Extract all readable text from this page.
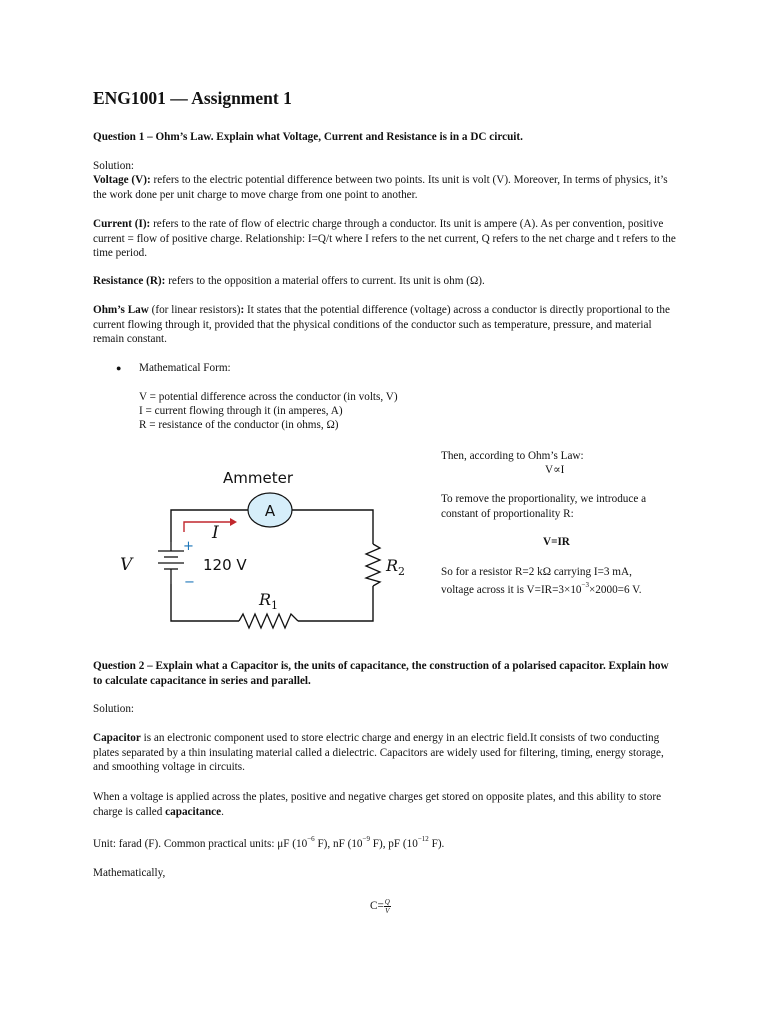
ENG1001 — Assignment 1

Question 1 – Ohm’s Law. Explain what Voltage, Current and Resistance is in a DC circuit.

Solution:

Voltage (V): refers to the electric potential difference between two points. Its unit is volt (V). Moreover, In terms of physics, it’s the work done per unit charge to move charge from one point to another.

Current (I): refers to the rate of flow of electric charge through a conductor. Its unit is ampere (A). As per convention, positive current = flow of positive charge. Relationship: I=Q/t where I refers to the net current, Q refers to the net charge and t refers to the time period.

Resistance (R): refers to the opposition a material offers to current. Its unit is ohm (Ω).

Ohm’s Law (for linear resistors): It states that the potential difference (voltage) across a conductor is directly proportional to the current flowing through it, provided that the physical conditions of the conductor such as temperature, pressure, and material remain constant.

● Mathematical Form:

V = potential difference across the conductor (in volts, V)

I = current flowing through it (in amperes, A)

R = resistance of the conductor (in ohms, Ω)

Then, according to Ohm’s Law:

V∝I

To remove the proportionality, we introduce a constant of proportionality R:

V=IR

So for a resistor R=2 kΩ carrying I=3 mA,

voltage across it is $V=IR=3\times 10^{-3}\times 2000=6$ V.

Ammeter
A
I
+
−
V	120 V	$R_2$
$R_1$

Question 2 – Explain what a Capacitor is, the units of capacitance, the construction of a polarised capacitor. Explain how to calculate capacitance in series and parallel.

Solution:

Capacitor is an electronic component used to store electric charge and energy in an electric field.It consists of two conducting plates separated by a thin insulating material called a dielectric. Capacitors are widely used for filtering, timing, energy storage, and smoothing voltage in circuits.

When a voltage is applied across the plates, positive and negative charges get stored on opposite plates, and this ability to store charge is called capacitance.

Unit: farad (F). Common practical units: μF ($10^{-6}$ F), nF ($10^{-9}$ F), pF ($10^{-12}$ F).

Mathematically,

$C= \frac{Q}{V}$
